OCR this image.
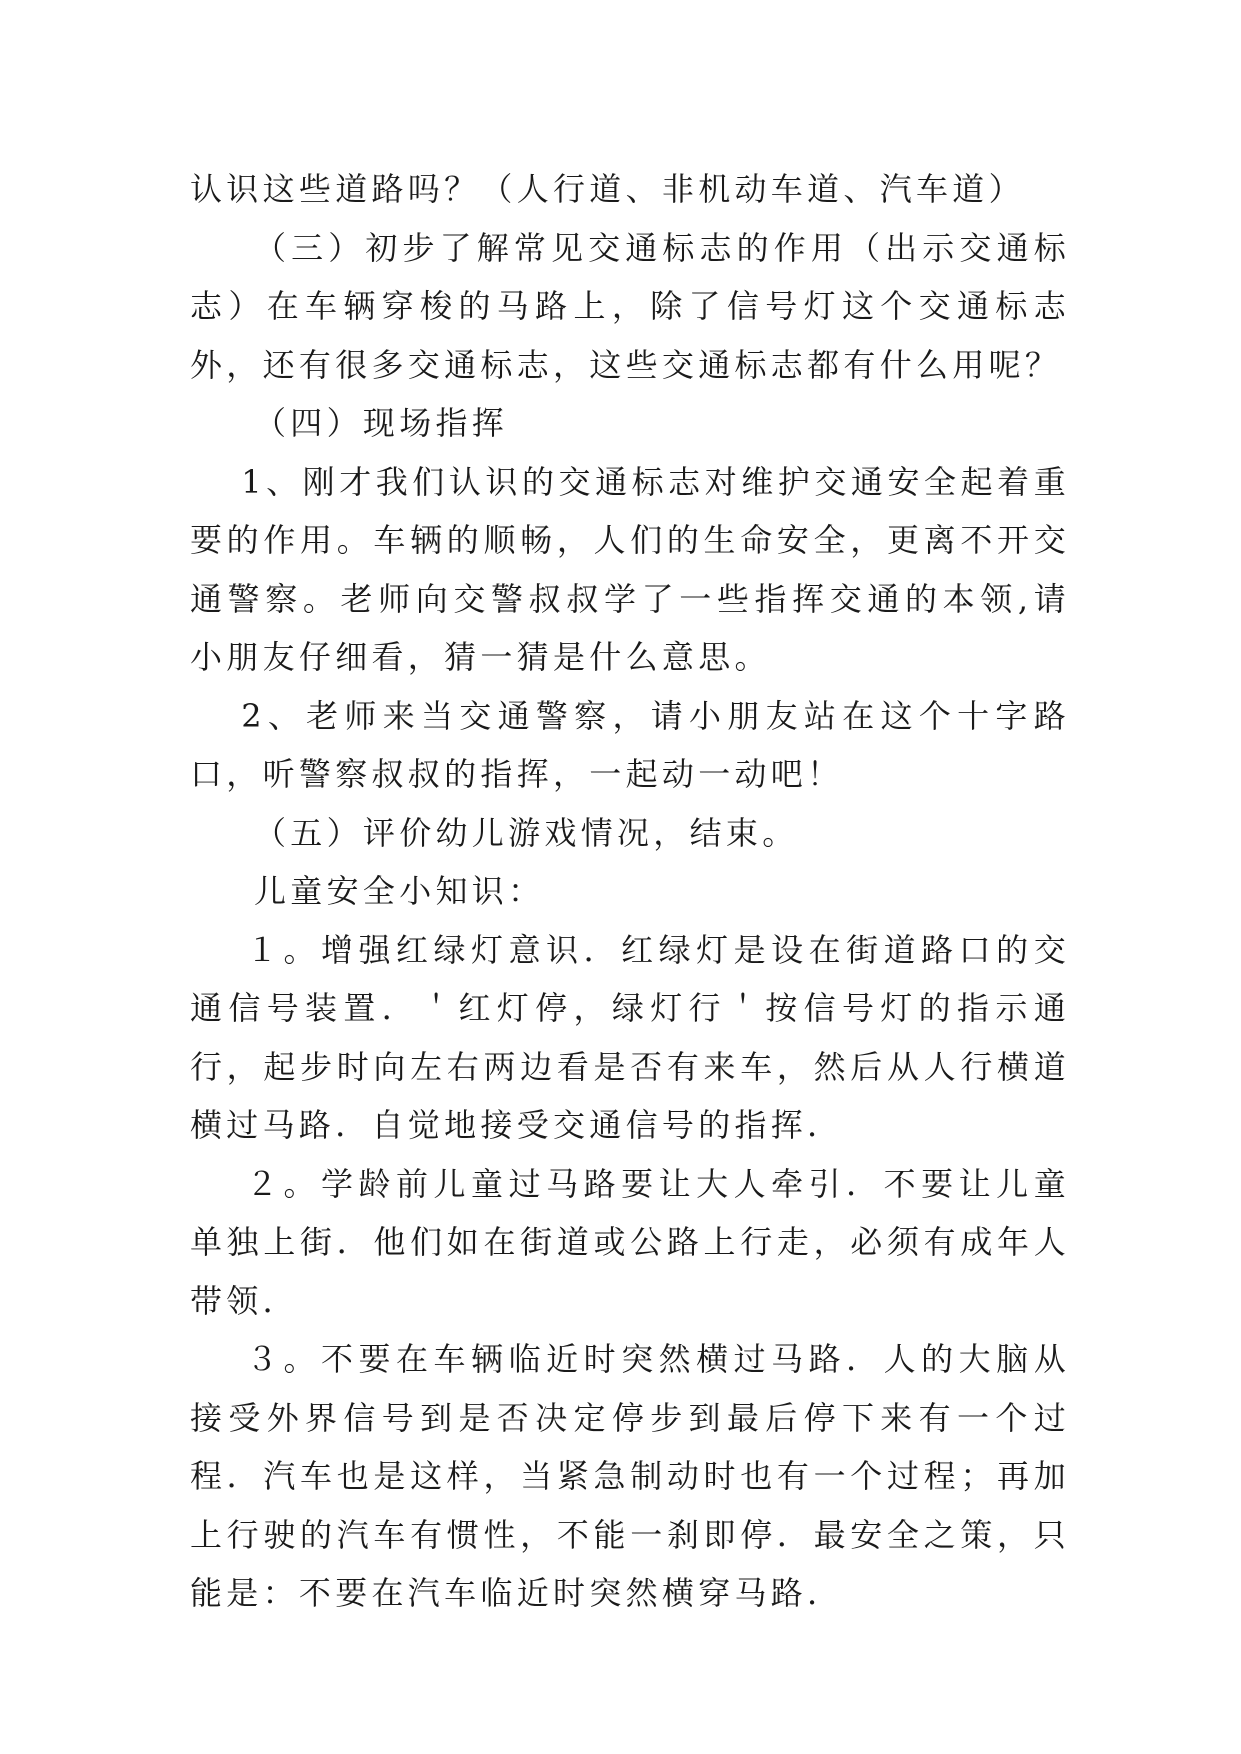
认识这些道路吗？（人行道、非机动车道、汽车道）

（三）初步了解常见交通标志的作用（出示交通标志）在车辆穿梭的马路上，除了信号灯这个交通标志外，还有很多交通标志，这些交通标志都有什么用呢？

（四）现场指挥

1、刚才我们认识的交通标志对维护交通安全起着重要的作用。车辆的顺畅，人们的生命安全，更离不开交通警察。老师向交警叔叔学了一些指挥交通的本领,请小朋友仔细看，猜一猜是什么意思。

2、老师来当交通警察，请小朋友站在这个十字路口，听警察叔叔的指挥，一起动一动吧！

（五）评价幼儿游戏情况，结束。

儿童安全小知识：

１。增强红绿灯意识．红绿灯是设在街道路口的交通信号装置．＇红灯停，绿灯行＇按信号灯的指示通行，起步时向左右两边看是否有来车，然后从人行横道横过马路．自觉地接受交通信号的指挥．

２。学龄前儿童过马路要让大人牵引．不要让儿童单独上街．他们如在街道或公路上行走，必须有成年人带领．

３。不要在车辆临近时突然横过马路．人的大脑从接受外界信号到是否决定停步到最后停下来有一个过程．汽车也是这样，当紧急制动时也有一个过程；再加上行驶的汽车有惯性，不能一刹即停．最安全之策，只能是：不要在汽车临近时突然横穿马路．
